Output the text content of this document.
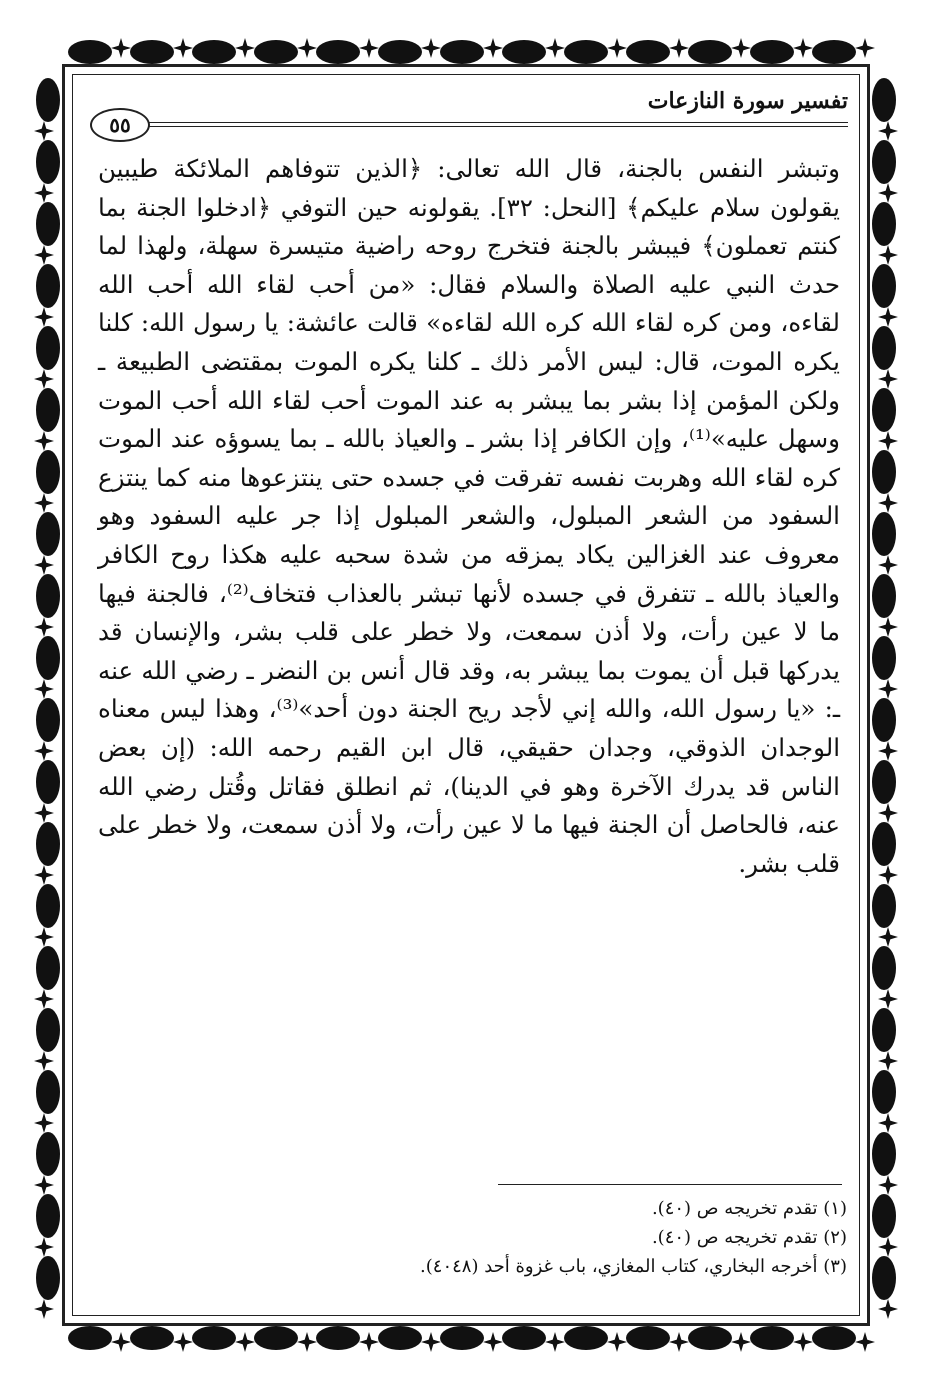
تفسير سورة النازعات
٥٥

وتبشر النفس بالجنة، قال الله تعالى: ﴿الذين تتوفاهم الملائكة طيبين يقولون سلام عليكم﴾ [النحل: ٣٢]. يقولونه حين التوفي ﴿ادخلوا الجنة بما كنتم تعملون﴾ فيبشر بالجنة فتخرج روحه راضية متيسرة سهلة، ولهذا لما حدث النبي عليه الصلاة والسلام فقال: «من أحب لقاء الله أحب الله لقاءه، ومن كره لقاء الله كره الله لقاءه» قالت عائشة: يا رسول الله: كلنا يكره الموت، قال: ليس الأمر ذلك ـ كلنا يكره الموت بمقتضى الطبيعة ـ ولكن المؤمن إذا بشر بما يبشر به عند الموت أحب لقاء الله أحب الموت وسهل عليه»⁽¹⁾، وإن الكافر إذا بشر ـ والعياذ بالله ـ بما يسوؤه عند الموت كره لقاء الله وهربت نفسه تفرقت في جسده حتى ينتزعوها منه كما ينتزع السفود من الشعر المبلول، والشعر المبلول إذا جر عليه السفود وهو معروف عند الغزالين يكاد يمزقه من شدة سحبه عليه هكذا روح الكافر والعياذ بالله ـ تتفرق في جسده لأنها تبشر بالعذاب فتخاف⁽²⁾، فالجنة فيها ما لا عين رأت، ولا أذن سمعت، ولا خطر على قلب بشر، والإنسان قد يدركها قبل أن يموت بما يبشر به، وقد قال أنس بن النضر ـ رضي الله عنه ـ: «يا رسول الله، والله إني لأجد ريح الجنة دون أحد»⁽³⁾، وهذا ليس معناه الوجدان الذوقي، وجدان حقيقي، قال ابن القيم رحمه الله: (إن بعض الناس قد يدرك الآخرة وهو في الدينا)، ثم انطلق فقاتل وقُتل رضي الله عنه، فالحاصل أن الجنة فيها ما لا عين رأت، ولا أذن سمعت، ولا خطر على قلب بشر.

(١) تقدم تخريجه ص (٤٠).
(٢) تقدم تخريجه ص (٤٠).
(٣) أخرجه البخاري، كتاب المغازي، باب غزوة أحد (٤٠٤٨).
